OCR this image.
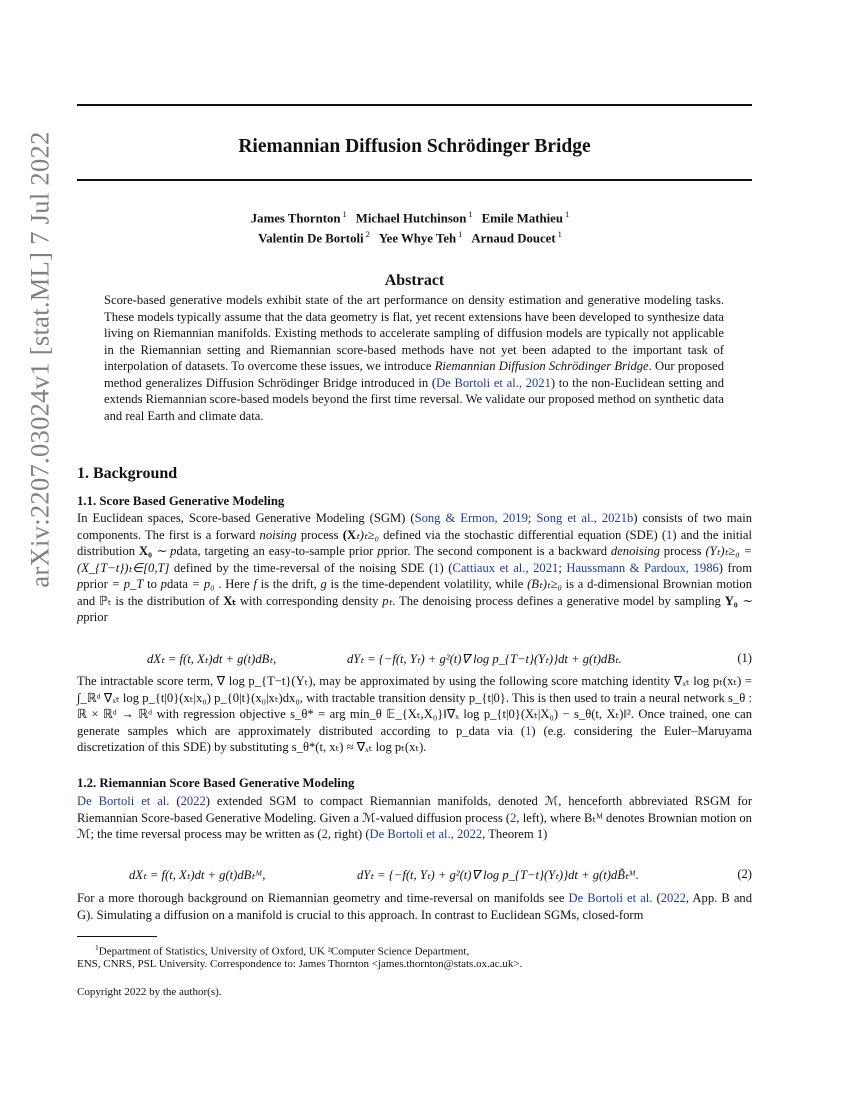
arXiv:2207.03024v1 [stat.ML] 7 Jul 2022	Riemannian Diffusion Schrödinger Bridge
James Thornton $^1$ Michael Hutchinson $^1$ Emile Mathieu $^1$
Valentin De Bortoli $^2$ Yee Whye Teh $^1$ Arnaud Doucet $^1$
Abstract
Score-based generative models exhibit state of the art performance on density estimation and generative modeling tasks. These models typically assume that the data geometry is flat, yet recent extensions have been developed to synthesize data living on Riemannian manifolds. Existing methods to accelerate sampling of diffusion models are typically not applicable in the Riemannian setting and Riemannian score-based methods have not yet been adapted to the important task of interpolation of datasets. To overcome these issues, we introduce Riemannian Diffusion Schrödinger Bridge. Our proposed method generalizes Diffusion Schrödinger Bridge introduced in (De Bortoli et al., 2021) to the non-Euclidean setting and extends Riemannian score-based models beyond the first time reversal. We validate our proposed method on synthetic data and real Earth and climate data.
1. Background
1.1. Score Based Generative Modeling
In Euclidean spaces, Score-based Generative Modeling (SGM) (Song & Ermon, 2019; Song et al., 2021b) consists of two main components. The first is a forward noising process (Xₜ)ₜ≥₀ defined via the stochastic differential equation (SDE) (1) and the initial distribution X₀ ∼ pdata, targeting an easy-to-sample prior pprior. The second component is a backward denoising process (Yₜ)ₜ≥₀ = (X_{T−t})ₜ∈[0,T] defined by the time-reversal of the noising SDE (1) (Cattiaux et al., 2021; Haussmann & Pardoux, 1986) from pprior = p_T to pdata = p₀ . Here f is the drift, g is the time-dependent volatility, while (Bₜ)ₜ≥₀ is a d-dimensional Brownian motion and ℙₜ is the distribution of Xₜ with corresponding density pₜ. The denoising process defines a generative model by sampling Y₀ ∼ pprior
dXₜ = f(t, Xₜ)dt + g(t)dBₜ,	dYₜ = {−f(t, Yₜ) + g²(t)∇ log p_{T−t}(Yₜ)}dt + g(t)dBₜ.	(1)
The intractable score term, ∇ log p_{T−t}(Yₜ), may be approximated by using the following score matching identity ∇ₓₜ log pₜ(xₜ) = ∫_ℝᵈ ∇ₓₜ log p_{t|0}(xₜ|x₀) p_{0|t}(x₀|xₜ)dx₀, with tractable transition density p_{t|0}. This is then used to train a neural network s_θ : ℝ × ℝᵈ → ℝᵈ with regression objective s_θ* = arg min_θ 𝔼_{Xₜ,X₀}‖∇ₓ log p_{t|0}(Xₜ|X₀) − s_θ(t, Xₜ)‖². Once trained, one can generate samples which are approximately distributed according to p_data via (1) (e.g. considering the Euler–Maruyama discretization of this SDE) by substituting s_θ*(t, xₜ) ≈ ∇ₓₜ log pₜ(xₜ).
1.2. Riemannian Score Based Generative Modeling
De Bortoli et al. (2022) extended SGM to compact Riemannian manifolds, denoted ℳ, henceforth abbreviated RSGM for Riemannian Score-based Generative Modeling. Given a ℳ-valued diffusion process (2, left), where Bₜᴹ denotes Brownian motion on ℳ; the time reversal process may be written as (2, right) (De Bortoli et al., 2022, Theorem 1)
dXₜ = f(t, Xₜ)dt + g(t)dBₜᴹ,	dYₜ = {−f(t, Yₜ) + g²(t)∇ log p_{T−t}(Yₜ)}dt + g(t)dB̃ₜᴹ.	(2)
For a more thorough background on Riemannian geometry and time-reversal on manifolds see De Bortoli et al. (2022, App. B and G). Simulating a diffusion on a manifold is crucial to this approach. In contrast to Euclidean SGMs, closed-form
$^1$Department of Statistics, University of Oxford, UK ²Computer Science Department,
ENS, CNRS, PSL University. Correspondence to: James Thornton <james.thornton@stats.ox.ac.uk>.
Copyright 2022 by the author(s).
